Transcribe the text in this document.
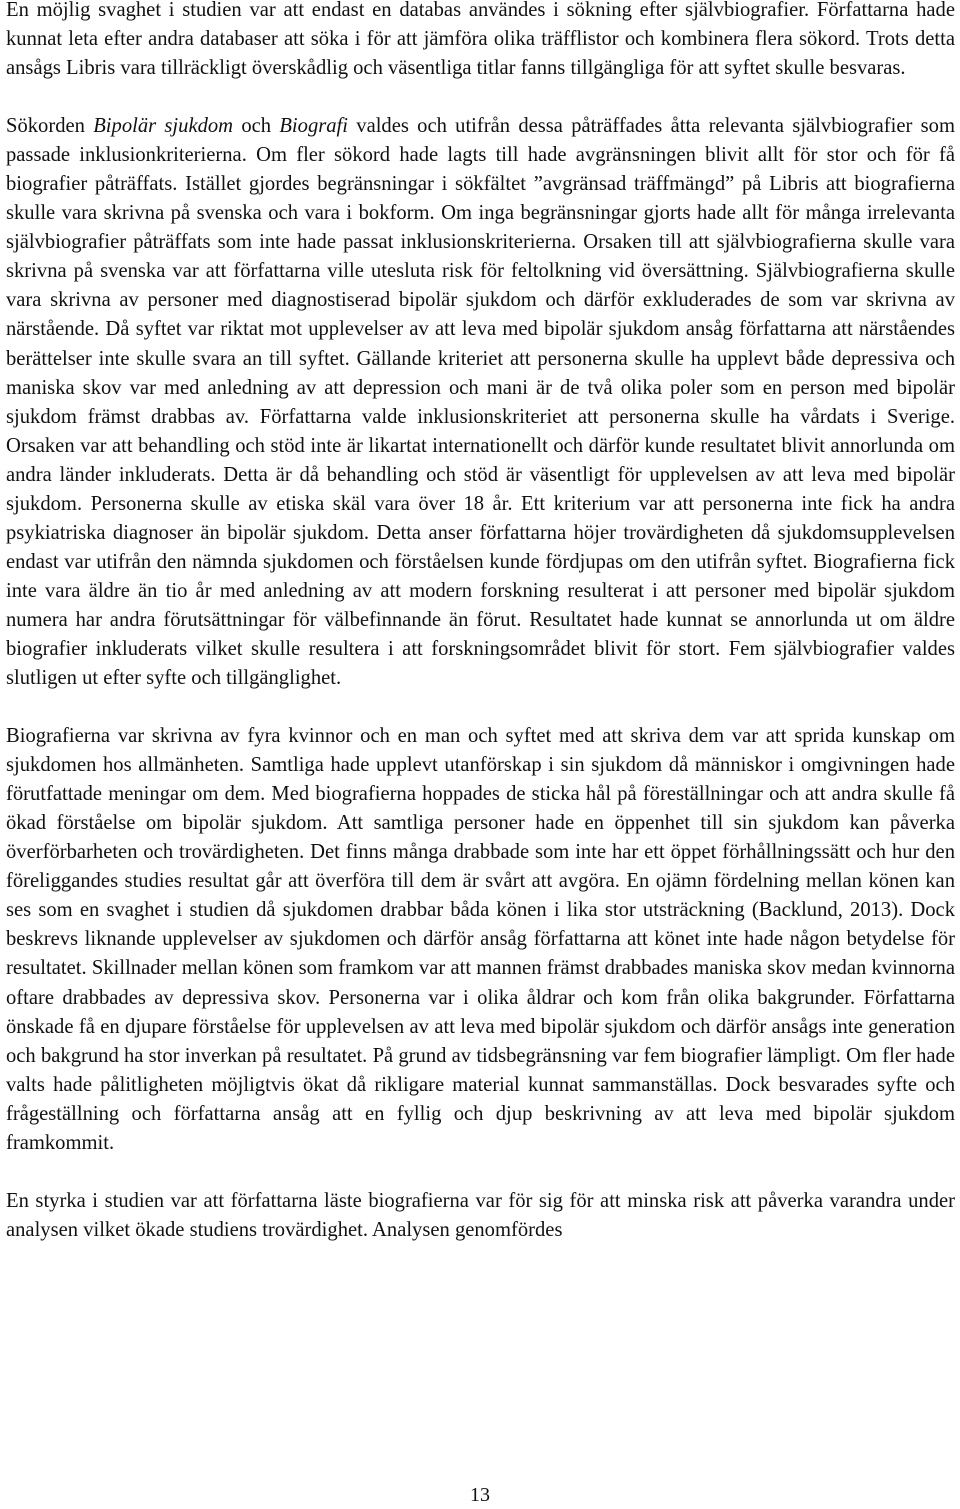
En möjlig svaghet i studien var att endast en databas användes i sökning efter självbiografier. Författarna hade kunnat leta efter andra databaser att söka i för att jämföra olika träfflistor och kombinera flera sökord. Trots detta ansågs Libris vara tillräckligt överskådlig och väsentliga titlar fanns tillgängliga för att syftet skulle besvaras.

Sökorden Bipolär sjukdom och Biografi valdes och utifrån dessa påträffades åtta relevanta självbiografier som passade inklusionkriterierna. Om fler sökord hade lagts till hade avgränsningen blivit allt för stor och för få biografier påträffats. Istället gjordes begränsningar i sökfältet ”avgränsad träffmängd” på Libris att biografierna skulle vara skrivna på svenska och vara i bokform. Om inga begränsningar gjorts hade allt för många irrelevanta självbiografier påträffats som inte hade passat inklusionskriterierna. Orsaken till att självbiografierna skulle vara skrivna på svenska var att författarna ville utesluta risk för feltolkning vid översättning. Självbiografierna skulle vara skrivna av personer med diagnostiserad bipolär sjukdom och därför exkluderades de som var skrivna av närstående. Då syftet var riktat mot upplevelser av att leva med bipolär sjukdom ansåg författarna att närståendes berättelser inte skulle svara an till syftet. Gällande kriteriet att personerna skulle ha upplevt både depressiva och maniska skov var med anledning av att depression och mani är de två olika poler som en person med bipolär sjukdom främst drabbas av. Författarna valde inklusionskriteriet att personerna skulle ha vårdats i Sverige. Orsaken var att behandling och stöd inte är likartat internationellt och därför kunde resultatet blivit annorlunda om andra länder inkluderats. Detta är då behandling och stöd är väsentligt för upplevelsen av att leva med bipolär sjukdom. Personerna skulle av etiska skäl vara över 18 år. Ett kriterium var att personerna inte fick ha andra psykiatriska diagnoser än bipolär sjukdom. Detta anser författarna höjer trovärdigheten då sjukdomsupplevelsen endast var utifrån den nämnda sjukdomen och förståelsen kunde fördjupas om den utifrån syftet. Biografierna fick inte vara äldre än tio år med anledning av att modern forskning resulterat i att personer med bipolär sjukdom numera har andra förutsättningar för välbefinnande än förut. Resultatet hade kunnat se annorlunda ut om äldre biografier inkluderats vilket skulle resultera i att forskningsområdet blivit för stort. Fem självbiografier valdes slutligen ut efter syfte och tillgänglighet.

Biografierna var skrivna av fyra kvinnor och en man och syftet med att skriva dem var att sprida kunskap om sjukdomen hos allmänheten. Samtliga hade upplevt utanförskap i sin sjukdom då människor i omgivningen hade förutfattade meningar om dem. Med biografierna hoppades de sticka hål på föreställningar och att andra skulle få ökad förståelse om bipolär sjukdom. Att samtliga personer hade en öppenhet till sin sjukdom kan påverka överförbarheten och trovärdigheten. Det finns många drabbade som inte har ett öppet förhållningssätt och hur den föreliggandes studies resultat går att överföra till dem är svårt att avgöra. En ojämn fördelning mellan könen kan ses som en svaghet i studien då sjukdomen drabbar båda könen i lika stor utsträckning (Backlund, 2013). Dock beskrevs liknande upplevelser av sjukdomen och därför ansåg författarna att könet inte hade någon betydelse för resultatet. Skillnader mellan könen som framkom var att mannen främst drabbades maniska skov medan kvinnorna oftare drabbades av depressiva skov. Personerna var i olika åldrar och kom från olika bakgrunder. Författarna önskade få en djupare förståelse för upplevelsen av att leva med bipolär sjukdom och därför ansågs inte generation och bakgrund ha stor inverkan på resultatet. På grund av tidsbegränsning var fem biografier lämpligt. Om fler hade valts hade pålitligheten möjligtvis ökat då rikligare material kunnat sammanställas. Dock besvarades syfte och frågeställning och författarna ansåg att en fyllig och djup beskrivning av att leva med bipolär sjukdom framkommit.

En styrka i studien var att författarna läste biografierna var för sig för att minska risk att påverka varandra under analysen vilket ökade studiens trovärdighet. Analysen genomfördes

13
